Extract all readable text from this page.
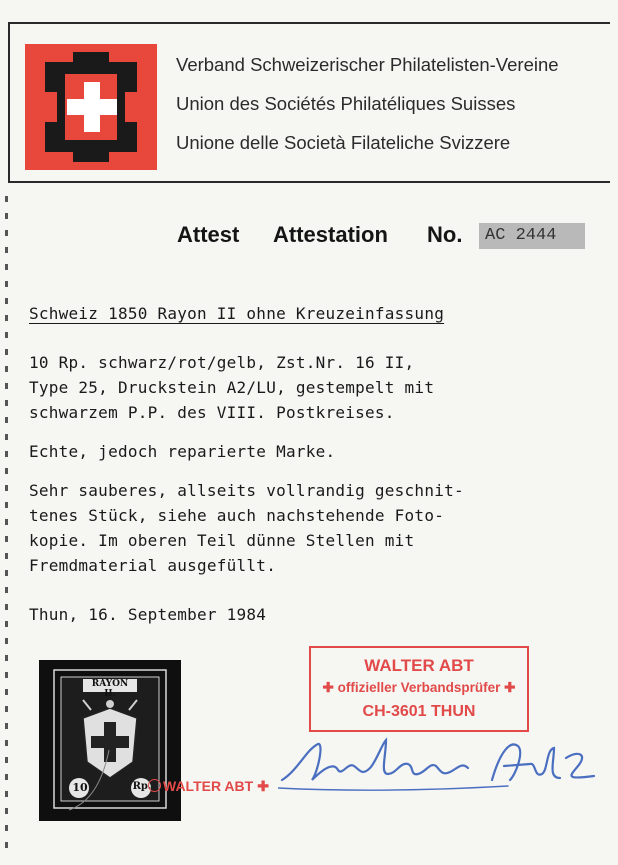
Verband Schweizerischer Philatelisten-Vereine
Union des Sociétés Philatéliques Suisses
Unione delle Società Filateliche Svizzere
Attest Attestation No.	AC 2444
Schweiz 1850 Rayon II ohne Kreuzeinfassung
10 Rp. schwarz/rot/gelb, Zst.Nr. 16 II,
Type 25, Druckstein A2/LU, gestempelt mit
schwarzem P.P. des VIII. Postkreises.
Echte, jedoch reparierte Marke.
Sehr sauberes, allseits vollrandig geschnit-
tenes Stück, siehe auch nachstehende Foto-
kopie. Im oberen Teil dünne Stellen mit
Fremdmaterial ausgefüllt.
Thun, 16. September 1984
RAYON II.
10	Rp. WALTER ABT ✚
WALTER ABT
✚ offizieller Verbandsprüfer ✚
CH-3601 THUN
